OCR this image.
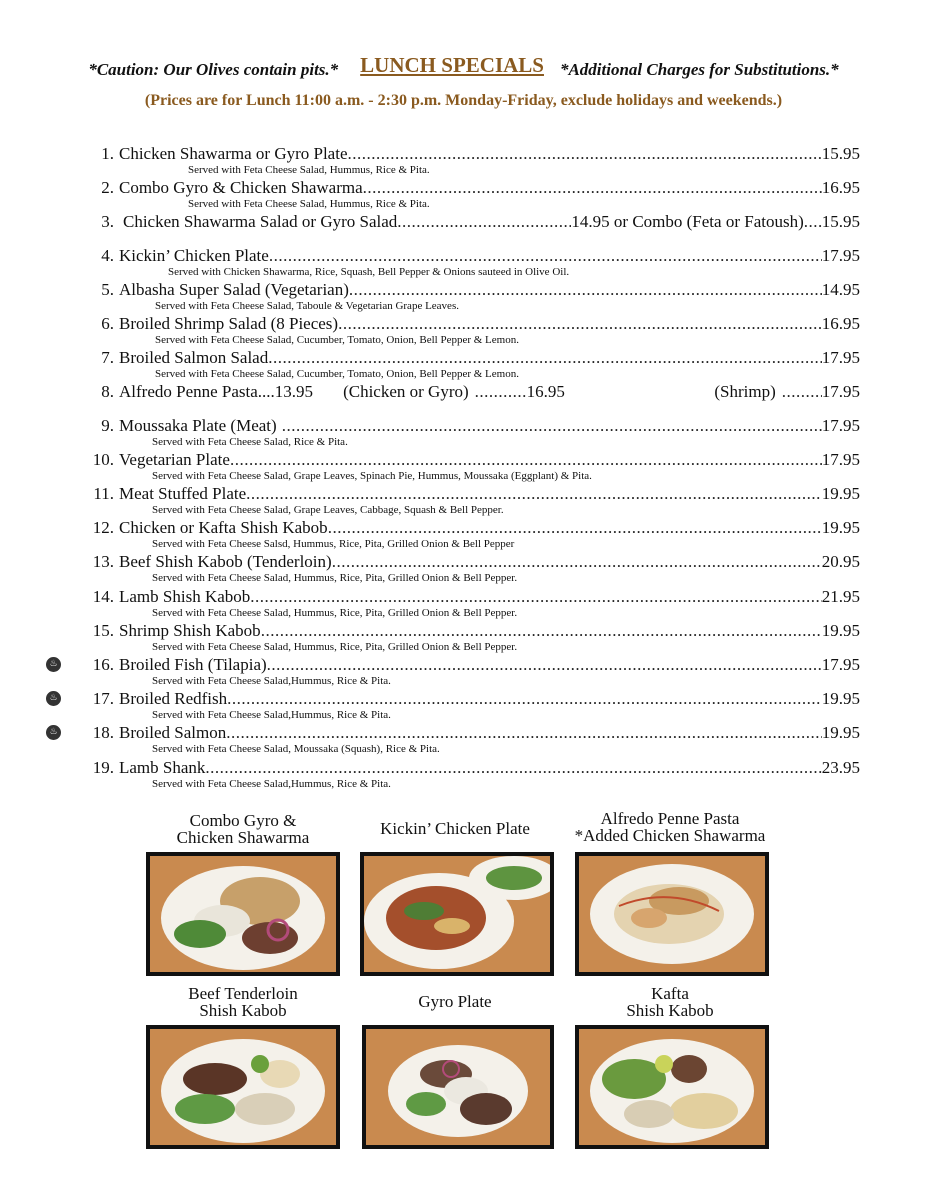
*Caution: Our Olives contain pits.* LUNCH SPECIALS *Additional Charges for Substitutions.*
(Prices are for Lunch 11:00 a.m. - 2:30 p.m. Monday-Friday, exclude holidays and weekends.)
1. Chicken Shawarma or Gyro Plate .....	15.95
Served with Feta Cheese Salad, Hummus, Rice & Pita.
2. Combo Gyro & Chicken Shawarma .....	16.95
Served with Feta Cheese Salad, Hummus, Rice & Pita.
3. Chicken Shawarma Salad or Gyro Salad .....	14.95 or Combo (Feta or Fatoush) ..... 15.95
4. Kickin’ Chicken Plate .....	17.95
Served with Chicken Shawarma, Rice, Squash, Bell Pepper & Onions sauteed in Olive Oil.
5. Albasha Super Salad (Vegetarian) .....	14.95
Served with Feta Cheese Salad, Taboule & Vegetarian Grape Leaves.
6. Broiled Shrimp Salad (8 Pieces) .....	16.95
Served with Feta Cheese Salad, Cucumber, Tomato, Onion, Bell Pepper & Lemon.
7. Broiled Salmon Salad .....	17.95
Served with Feta Cheese Salad, Cucumber, Tomato, Onion, Bell Pepper & Lemon.
8. Alfredo Penne Pasta....13.95 (Chicken or Gyro) .....	16.95	(Shrimp) .....	17.95
9. Moussaka Plate (Meat) .....	17.95
Served with Feta Cheese Salad, Rice & Pita.
10. Vegetarian Plate .....	17.95
Served with Feta Cheese Salad, Grape Leaves, Spinach Pie, Hummus, Moussaka (Eggplant) & Pita.
11. Meat Stuffed Plate .....	19.95
Served with Feta Cheese Salad, Grape Leaves, Cabbage, Squash & Bell Pepper.
12. Chicken or Kafta Shish Kabob .....	19.95
Served with Feta Cheese Salsd, Hummus, Rice, Pita, Grilled Onion & Bell Pepper
13. Beef Shish Kabob (Tenderloin) .....	20.95
Served with Feta Cheese Salad, Hummus, Rice, Pita, Grilled Onion & Bell Pepper.
14. Lamb Shish Kabob .....	21.95
Served with Feta Cheese Salad, Hummus, Rice, Pita, Grilled Onion & Bell Pepper.
15. Shrimp Shish Kabob .....	19.95
Served with Feta Cheese Salad, Hummus, Rice, Pita, Grilled Onion & Bell Pepper.
♨	16. Broiled Fish (Tilapia) .....	17.95
Served with Feta Cheese Salad,Hummus, Rice & Pita.
♨	17. Broiled Redfish .....	19.95
Served with Feta Cheese Salad,Hummus, Rice & Pita.
♨	18. Broiled Salmon .....	19.95
Served with Feta Cheese Salad, Moussaka (Squash), Rice & Pita.
19. Lamb Shank .....	23.95
Served with Feta Cheese Salad,Hummus, Rice & Pita.
Combo Gyro &
Chicken Shawarma	Kickin’ Chicken Plate
Alfredo Penne Pasta
*Added Chicken Shawarma
Beef Tenderloin
Shish Kabob	Gyro Plate	Kafta
Shish Kabob
